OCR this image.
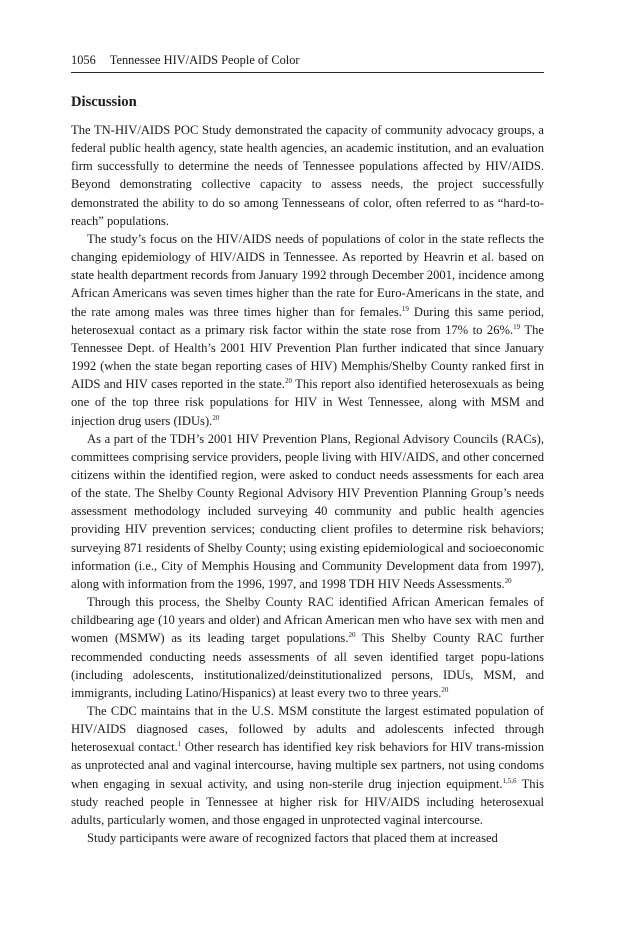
1056 Tennessee HIV/AIDS People of Color
Discussion

The TN-HIV/AIDS POC Study demonstrated the capacity of community advocacy groups, a federal public health agency, state health agencies, an academic institution, and an evaluation firm successfully to determine the needs of Tennessee populations affected by HIV/AIDS. Beyond demonstrating collective capacity to assess needs, the project successfully demonstrated the ability to do so among Tennesseans of color, often referred to as “hard-to-reach” populations.

The study’s focus on the HIV/AIDS needs of populations of color in the state reflects the changing epidemiology of HIV/AIDS in Tennessee. As reported by Heavrin et al. based on state health department records from January 1992 through December 2001, incidence among African Americans was seven times higher than the rate for Euro-Americans in the state, and the rate among males was three times higher than for females.$^{19}$ During this same period, heterosexual contact as a primary risk factor within the state rose from 17% to 26%.$^{19}$ The Tennessee Dept. of Health’s 2001 HIV Prevention Plan further indicated that since January 1992 (when the state began reporting cases of HIV) Memphis/Shelby County ranked first in AIDS and HIV cases reported in the state.$^{20}$ This report also identified heterosexuals as being one of the top three risk populations for HIV in West Tennessee, along with MSM and injection drug users (IDUs).$^{20}$

As a part of the TDH’s 2001 HIV Prevention Plans, Regional Advisory Councils (RACs), committees comprising service providers, people living with HIV/AIDS, and other concerned citizens within the identified region, were asked to conduct needs assessments for each area of the state. The Shelby County Regional Advisory HIV Prevention Planning Group’s needs assessment methodology included surveying 40 community and public health agencies providing HIV prevention services; conducting client profiles to determine risk behaviors; surveying 871 residents of Shelby County; using existing epidemiological and socioeconomic information (i.e., City of Memphis Housing and Community Development data from 1997), along with information from the 1996, 1997, and 1998 TDH HIV Needs Assessments.$^{20}$

Through this process, the Shelby County RAC identified African American females of childbearing age (10 years and older) and African American men who have sex with men and women (MSMW) as its leading target populations.$^{20}$ This Shelby County RAC further recommended conducting needs assessments of all seven identified target popu-lations (including adolescents, institutionalized/deinstitutionalized persons, IDUs, MSM, and immigrants, including Latino/Hispanics) at least every two to three years.$^{20}$

The CDC maintains that in the U.S. MSM constitute the largest estimated population of HIV/AIDS diagnosed cases, followed by adults and adolescents infected through heterosexual contact.$^1$ Other research has identified key risk behaviors for HIV trans-mission as unprotected anal and vaginal intercourse, having multiple sex partners, not using condoms when engaging in sexual activity, and using non-sterile drug injection equipment.$^{1,5,6}$ This study reached people in Tennessee at higher risk for HIV/AIDS including heterosexual adults, particularly women, and those engaged in unprotected vaginal intercourse.

Study participants were aware of recognized factors that placed them at increased
